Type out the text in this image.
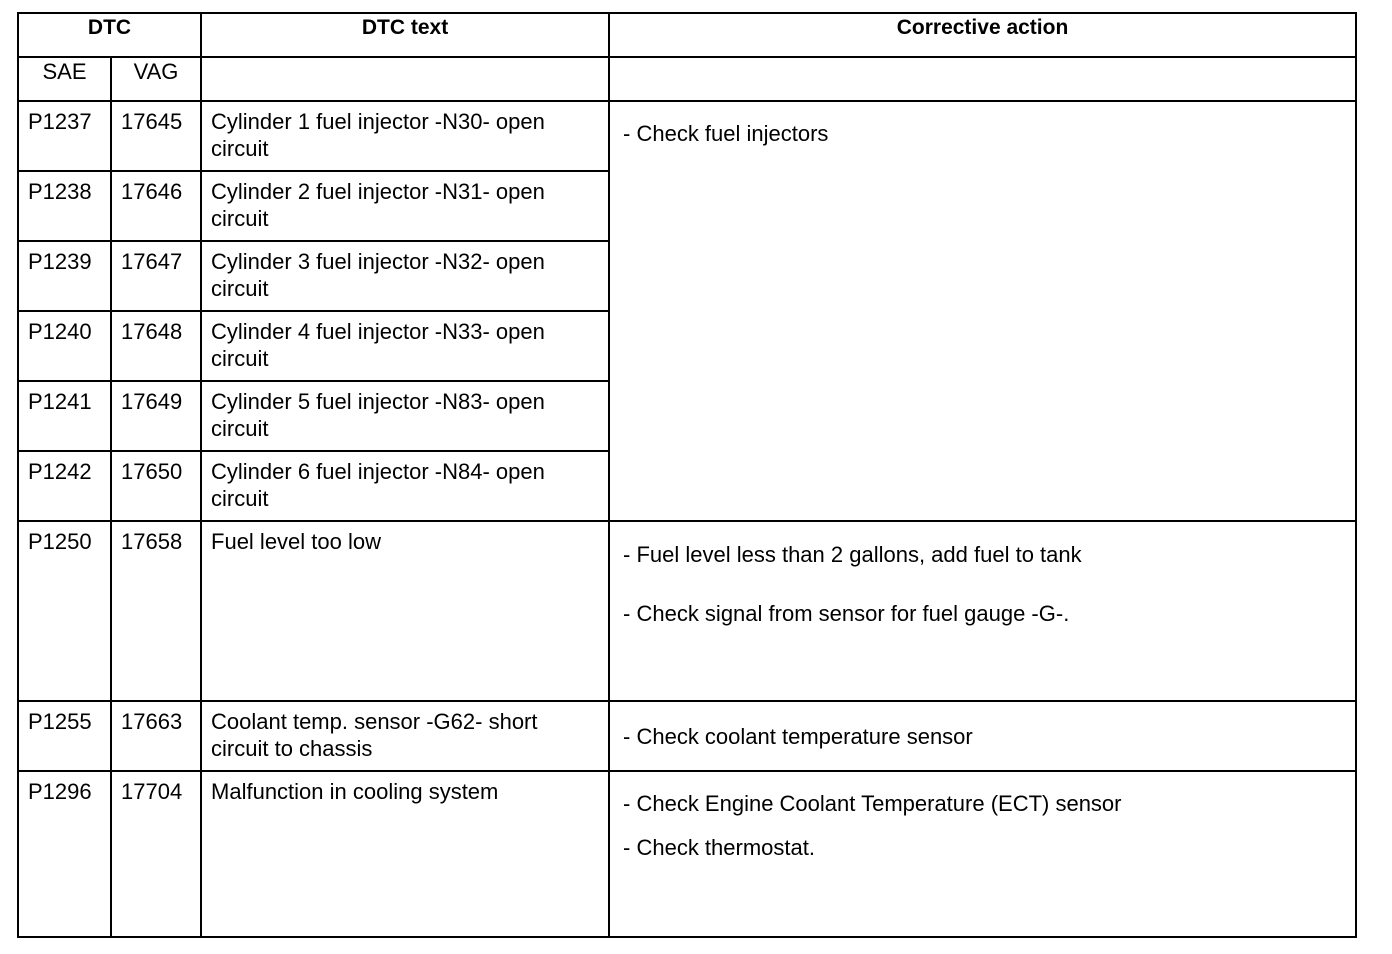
DTC		DTC text	Corrective action
SAE	VAG		

P1237	17645	Cylinder 1 fuel injector -N30- open circuit	- Check fuel injectors

P1238	17646	Cylinder 2 fuel injector -N31- open circuit	

P1239	17647	Cylinder 3 fuel injector -N32- open circuit	

P1240	17648	Cylinder 4 fuel injector -N33- open circuit	

P1241	17649	Cylinder 5 fuel injector -N83- open circuit	

P1242	17650	Cylinder 6 fuel injector -N84- open circuit	

P1250	17658	Fuel level too low	- Fuel level less than 2 gallons, add fuel to tank
- Check signal from sensor for fuel gauge -G-.

P1255	17663	Coolant temp. sensor -G62- short circuit to chassis	- Check coolant temperature sensor

P1296	17704	Malfunction in cooling system	- Check Engine Coolant Temperature (ECT) sensor
- Check thermostat.
